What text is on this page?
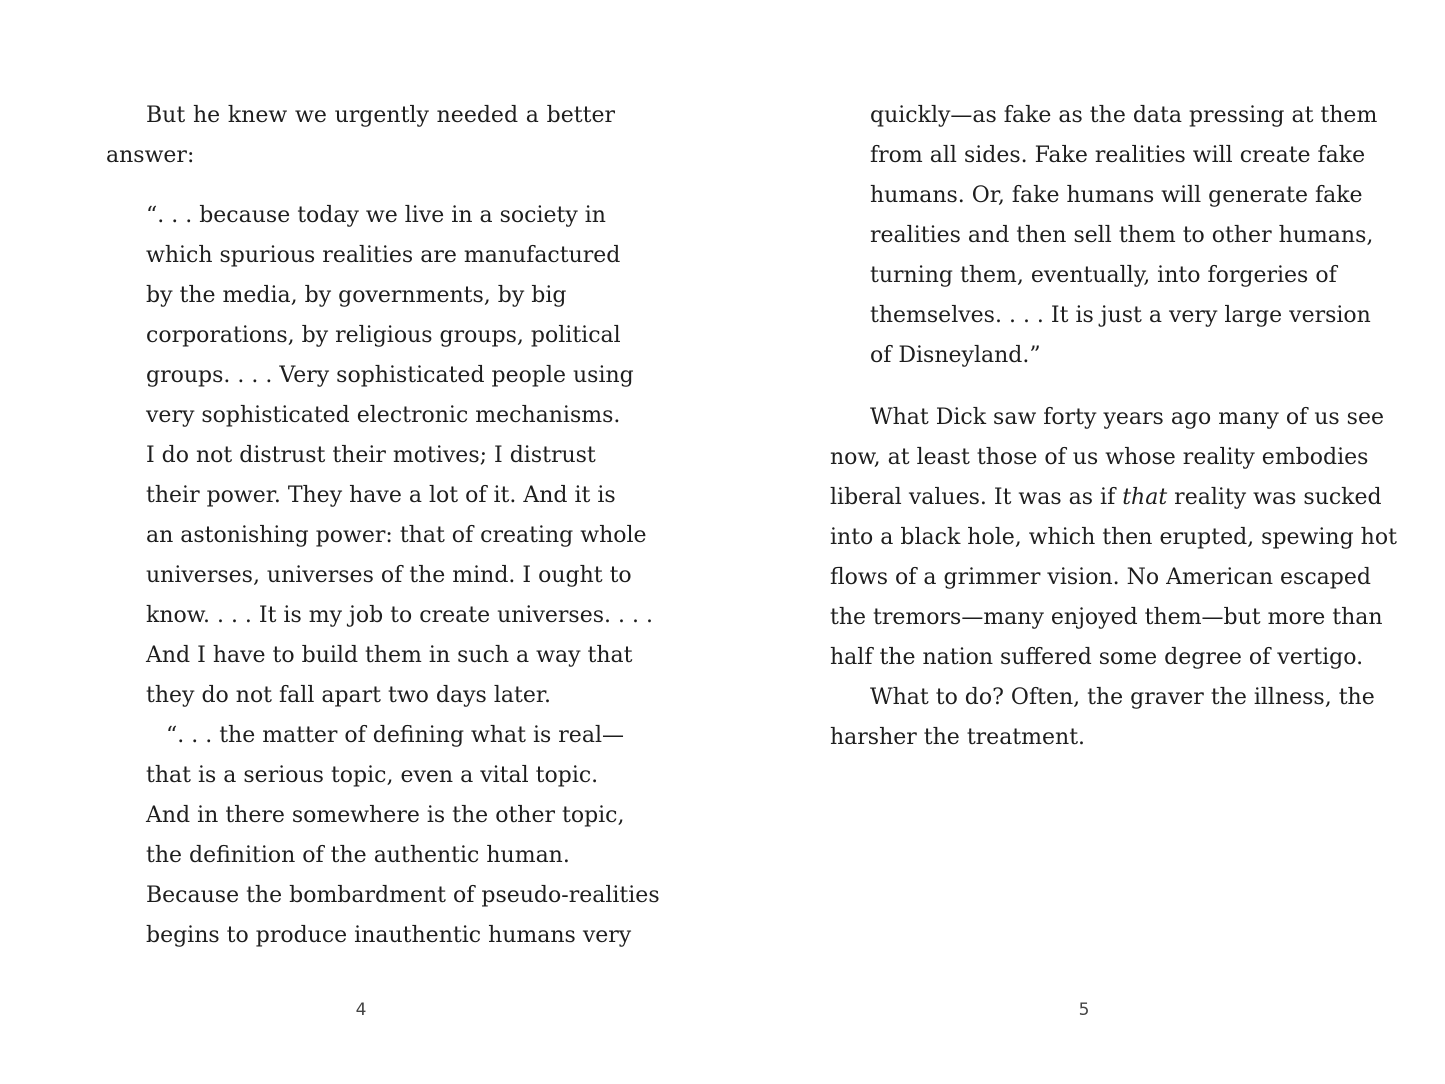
But he knew we urgently needed a better
answer:
“. . . because today we live in a society in
which spurious realities are manufactured
by the media, by governments, by big
corporations, by religious groups, political
groups. . . . Very sophisticated people using
very sophisticated electronic mechanisms.
I do not distrust their motives; I distrust
their power. They have a lot of it. And it is
an astonishing power: that of creating whole
universes, universes of the mind. I ought to
know. . . . It is my job to create universes. . . .
And I have to build them in such a way that
they do not fall apart two days later.
“. . . the matter of defining what is real—
that is a serious topic, even a vital topic.
And in there somewhere is the other topic,
the definition of the authentic human.
Because the bombardment of pseudo-realities
begins to produce inauthentic humans very
4
quickly—as fake as the data pressing at them
from all sides. Fake realities will create fake
humans. Or, fake humans will generate fake
realities and then sell them to other humans,
turning them, eventually, into forgeries of
themselves. . . . It is just a very large version
of Disneyland.”
What Dick saw forty years ago many of us see
now, at least those of us whose reality embodies
liberal values. It was as if that reality was sucked
into a black hole, which then erupted, spewing hot
flows of a grimmer vision. No American escaped
the tremors—many enjoyed them—but more than
half the nation suffered some degree of vertigo.
What to do? Often, the graver the illness, the
harsher the treatment.
5
